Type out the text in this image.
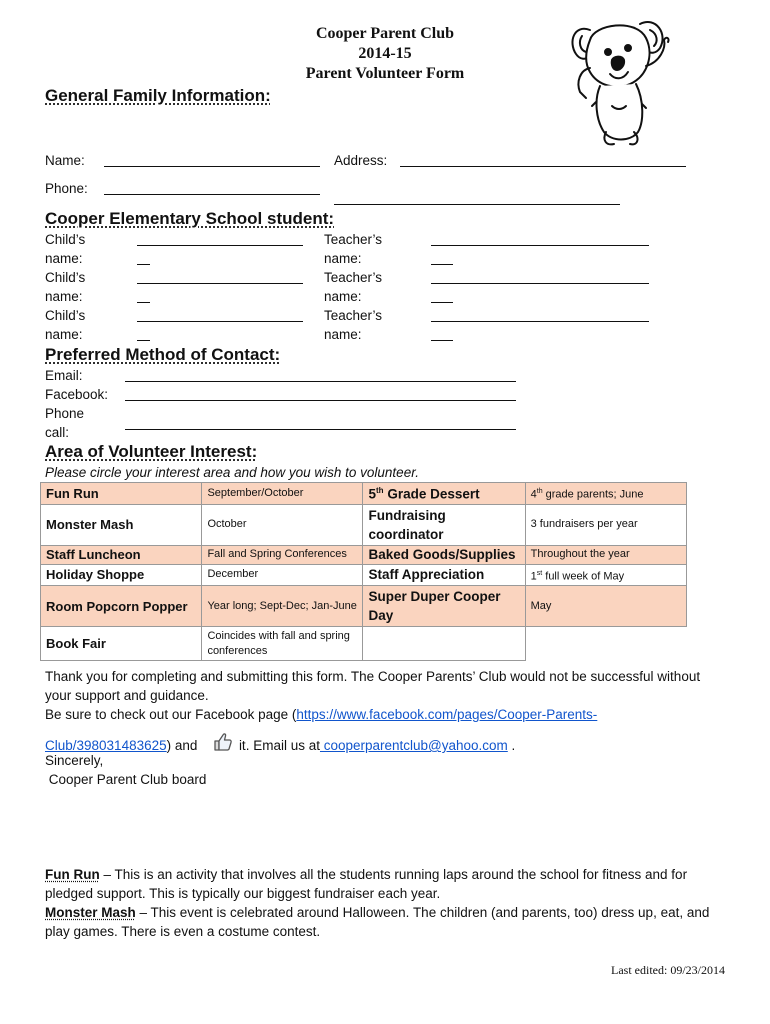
Cooper Parent Club
2014-15
Parent Volunteer Form
General Family Information:
Name:	Address:
Phone:
Cooper Elementary School student:
Child’s
name:
Teacher’s
name:
Child’s
name:
Teacher’s
name:
Child’s
name:
Teacher’s
name:
Preferred Method of Contact:
Email:
Facebook:
Phone
call:
Area of Volunteer Interest:
Please circle your interest area and how you wish to volunteer.
Fun Run	September/October	5th Grade Dessert	4th grade parents; June
Monster Mash	October	Fundraising coordinator	3 fundraisers per year
Staff Luncheon	Fall and Spring Conferences	Baked Goods/Supplies	Throughout the year
Holiday Shoppe	December	Staff Appreciation	1st full week of May
Room Popcorn Popper	Year long; Sept-Dec; Jan-June	Super Duper Cooper Day	May
Book Fair	Coincides with fall and spring conferences		
Thank you for completing and submitting this form. The Cooper Parents’ Club would not be successful without your support and guidance.
Be sure to check out our Facebook page (https://www.facebook.com/pages/Cooper-Parents-
Club/398031483625) and	it. Email us at cooperparentclub@yahoo.com .
Sincerely,
Cooper Parent Club board
Fun Run – This is an activity that involves all the students running laps around the school for fitness and for pledged support. This is typically our biggest fundraiser each year.
Monster Mash – This event is celebrated around Halloween. The children (and parents, too) dress up, eat, and play games. There is even a costume contest.
Last edited: 09/23/2014
